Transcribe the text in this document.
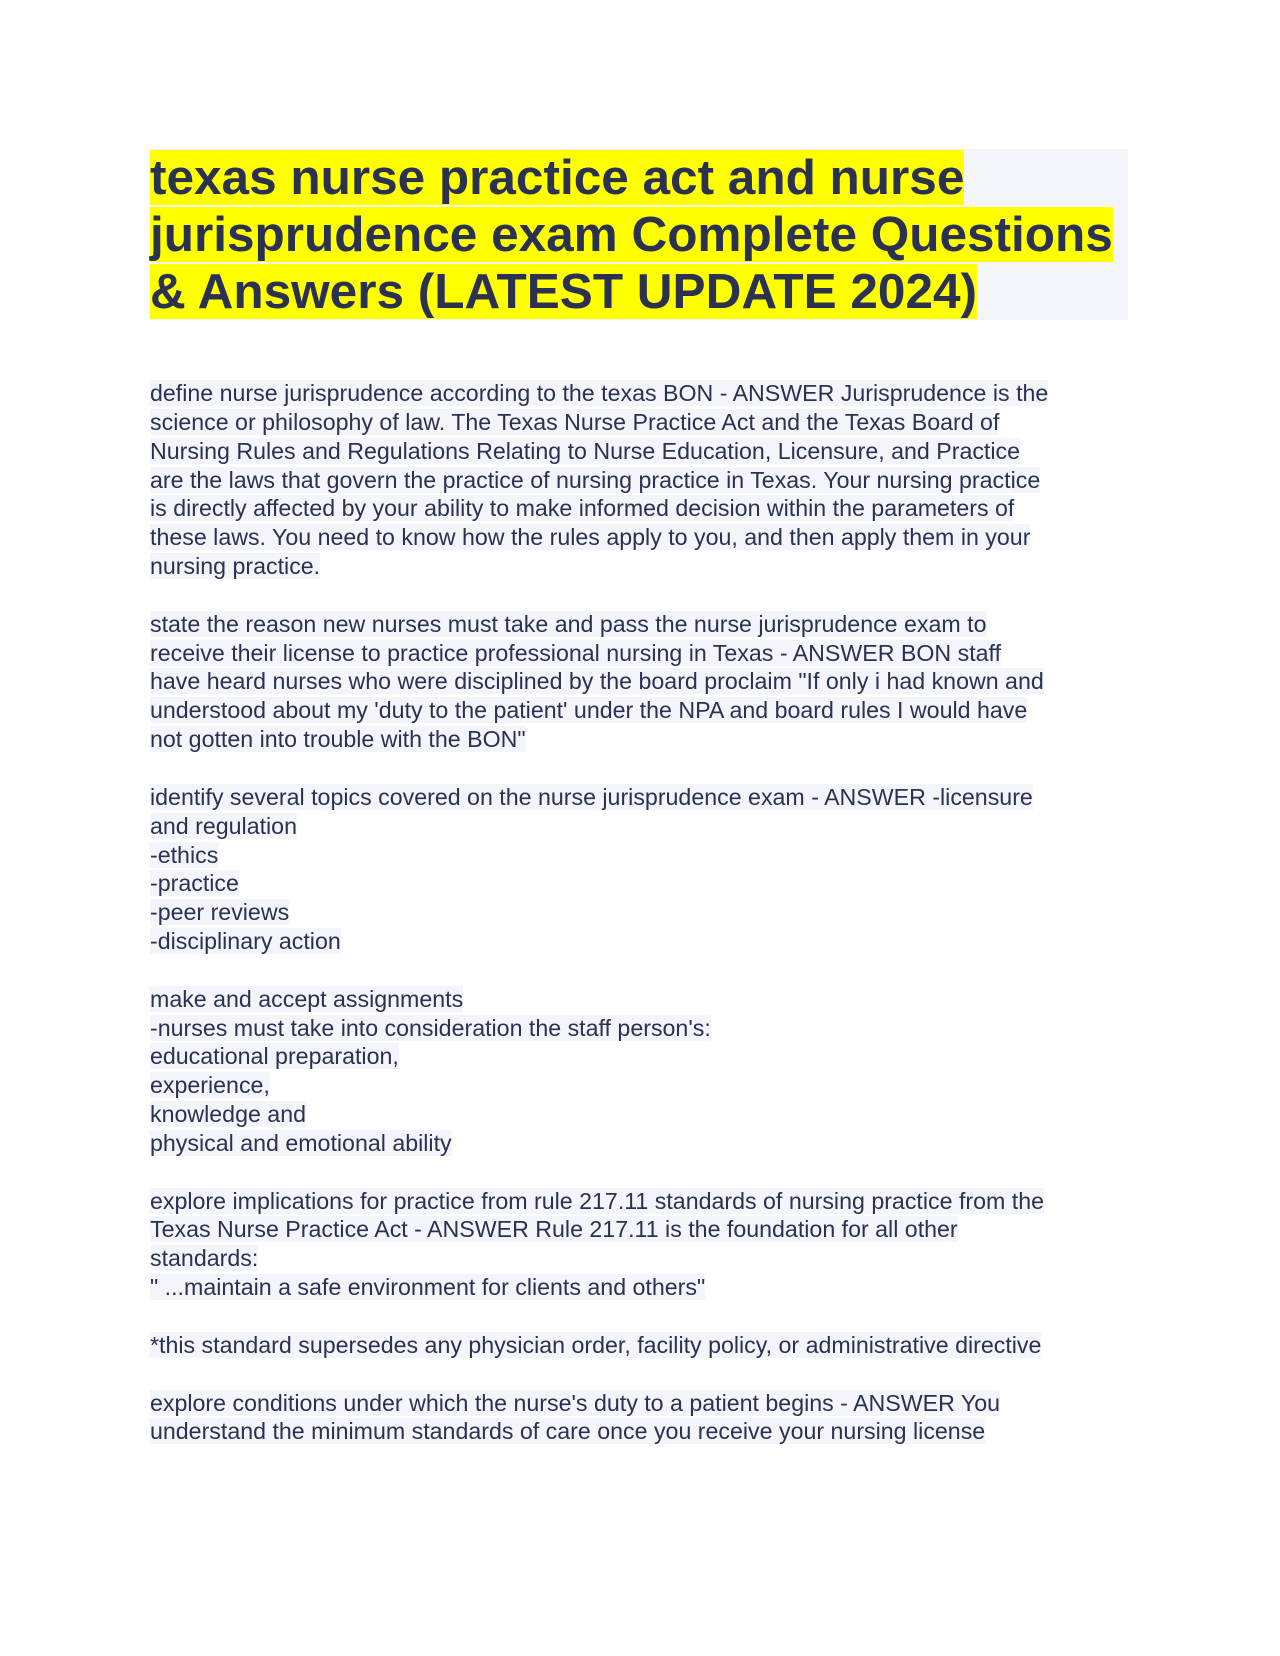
texas nurse practice act and nurse
jurisprudence exam Complete Questions
& Answers (LATEST UPDATE 2024)

define nurse jurisprudence according to the texas BON - ANSWER Jurisprudence is the
science or philosophy of law. The Texas Nurse Practice Act and the Texas Board of
Nursing Rules and Regulations Relating to Nurse Education, Licensure, and Practice
are the laws that govern the practice of nursing practice in Texas. Your nursing practice
is directly affected by your ability to make informed decision within the parameters of
these laws. You need to know how the rules apply to you, and then apply them in your
nursing practice.

state the reason new nurses must take and pass the nurse jurisprudence exam to
receive their license to practice professional nursing in Texas - ANSWER BON staff
have heard nurses who were disciplined by the board proclaim "If only i had known and
understood about my 'duty to the patient' under the NPA and board rules I would have
not gotten into trouble with the BON"

identify several topics covered on the nurse jurisprudence exam - ANSWER -licensure
and regulation
-ethics
-practice
-peer reviews
-disciplinary action

make and accept assignments
-nurses must take into consideration the staff person's:
educational preparation,
experience,
knowledge and
physical and emotional ability

explore implications for practice from rule 217.11 standards of nursing practice from the
Texas Nurse Practice Act - ANSWER Rule 217.11 is the foundation for all other
standards:
" ...maintain a safe environment for clients and others"

*this standard supersedes any physician order, facility policy, or administrative directive

explore conditions under which the nurse's duty to a patient begins - ANSWER You
understand the minimum standards of care once you receive your nursing license
